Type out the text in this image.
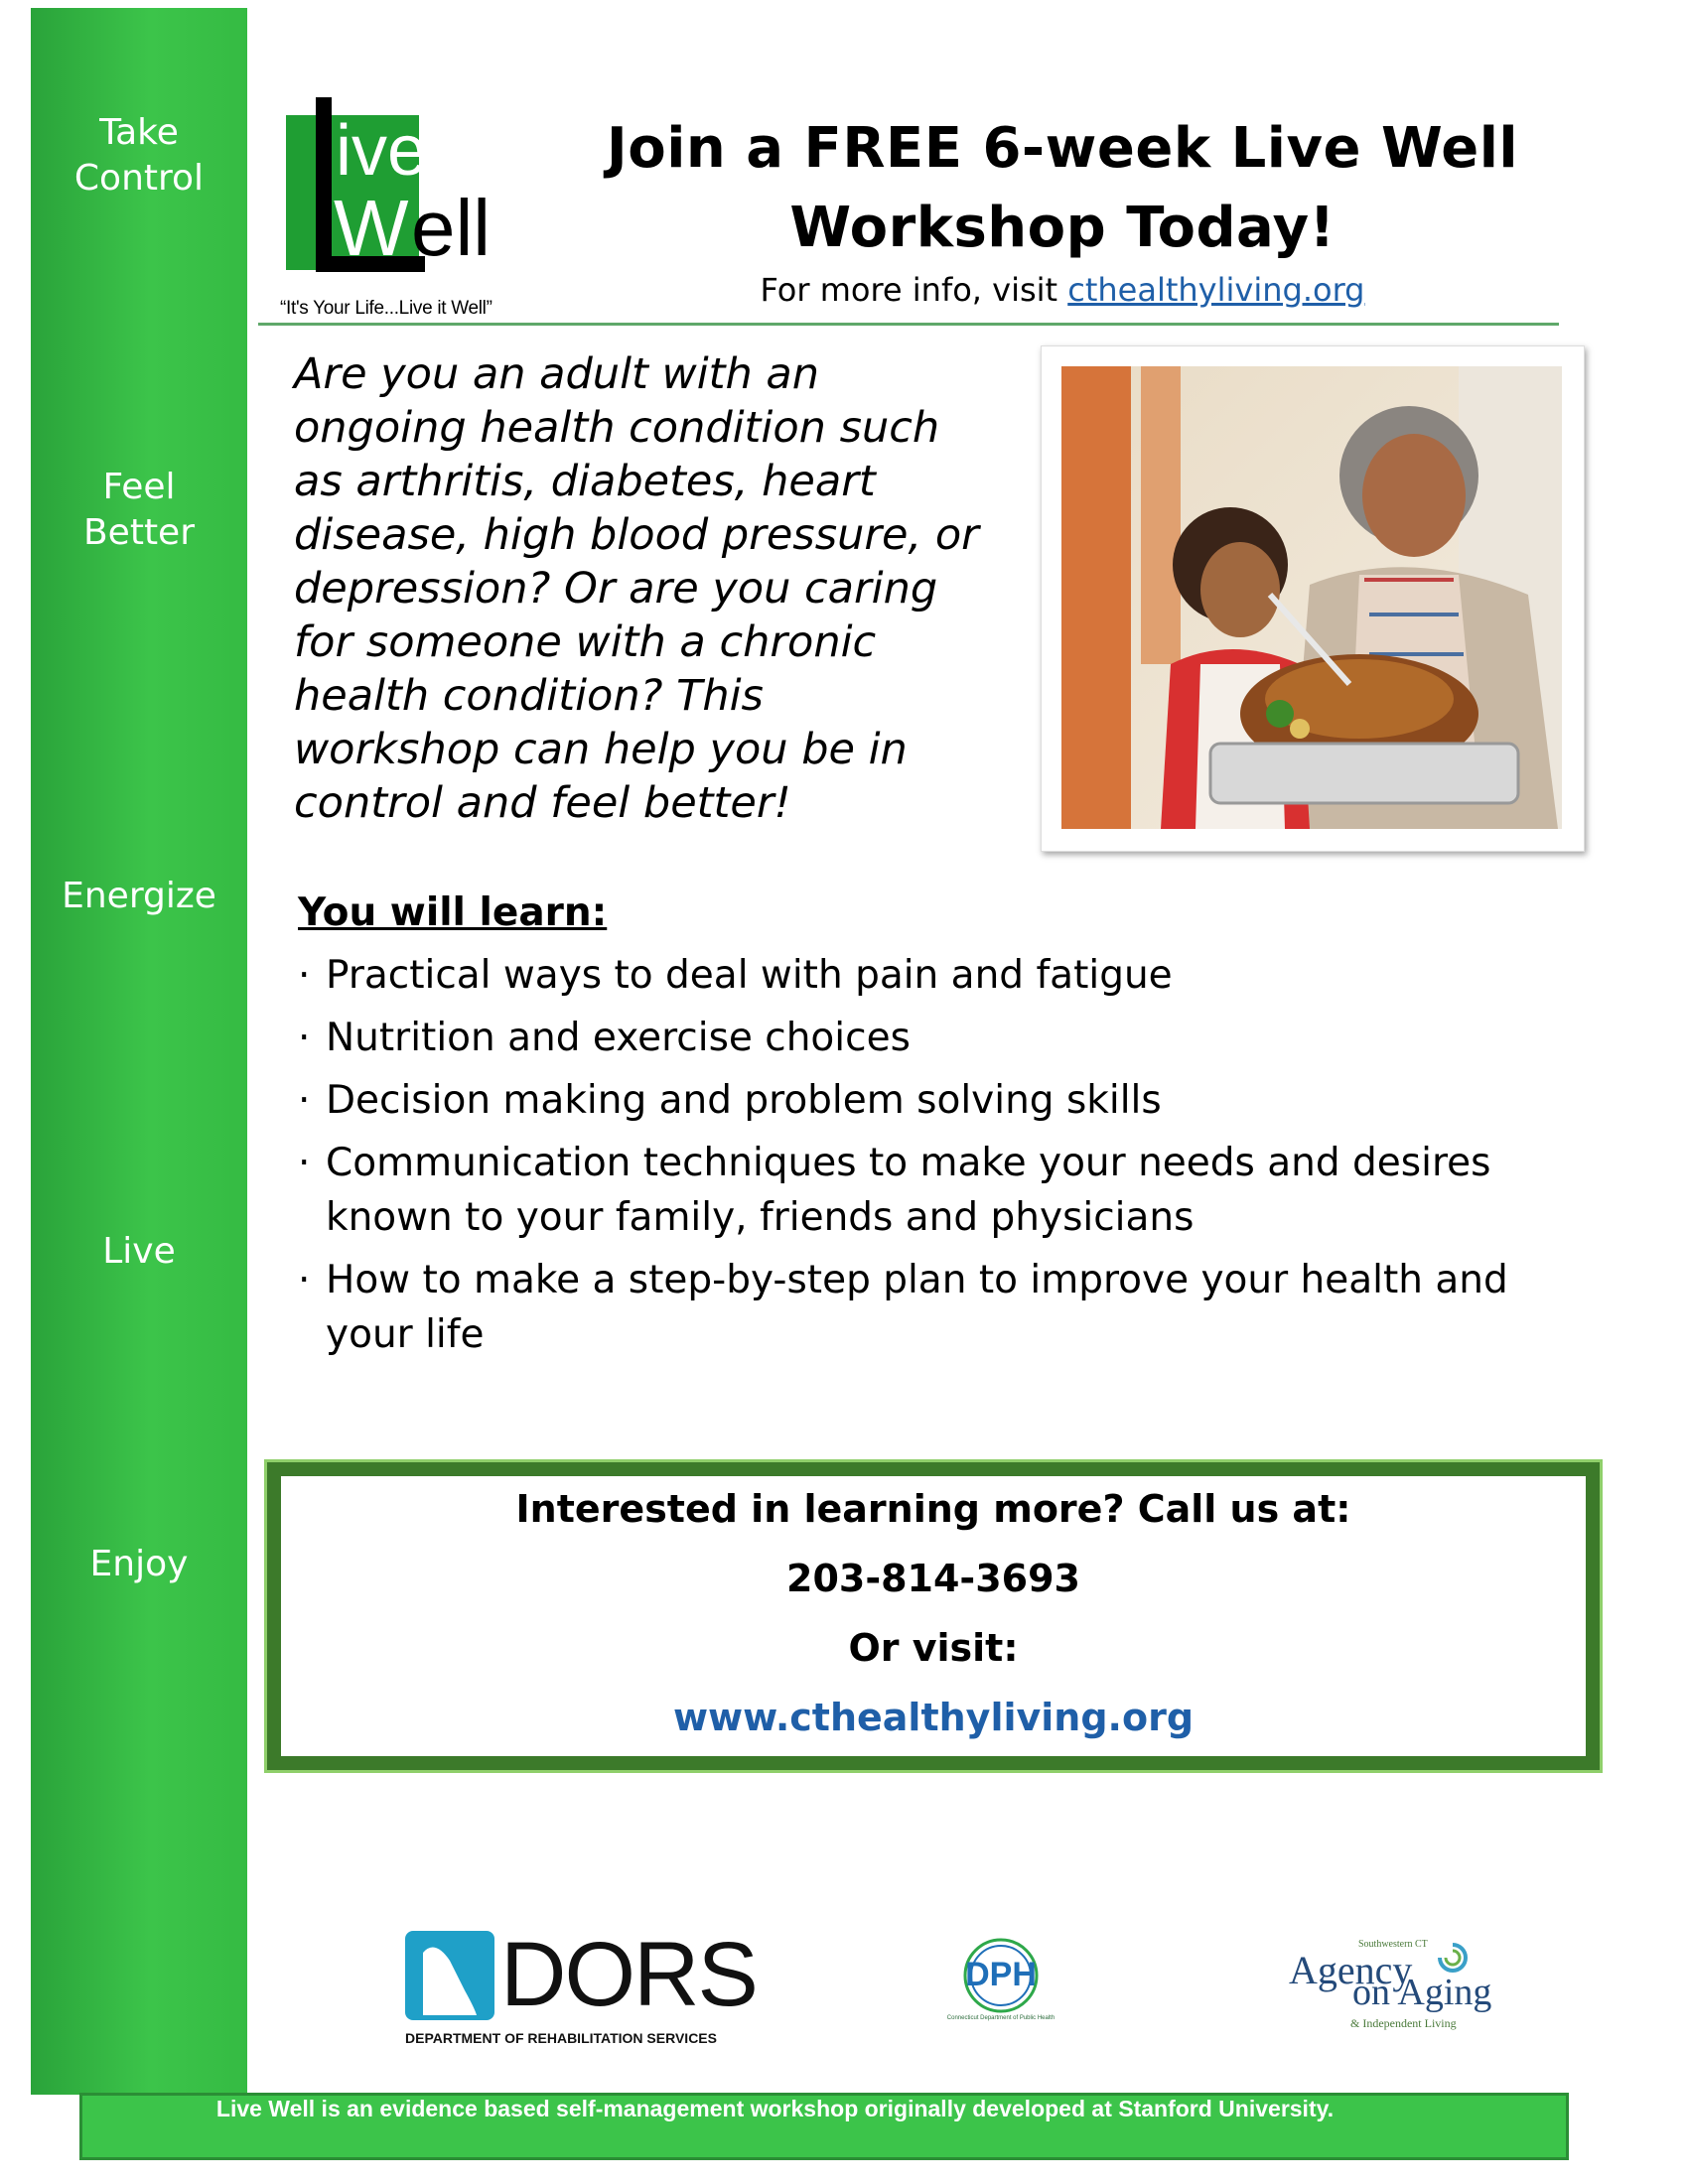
Take
Control
Feel
Better
Energize
Live
Enjoy
ive
W ell
“It's Your Life...Live it Well”
Join a FREE 6-week Live Well
Workshop Today!
For more info, visit cthealthyliving.org
Are you an adult with an
ongoing health condition such
as arthritis, diabetes, heart
disease, high blood pressure, or
depression? Or are you caring
for someone with a chronic
health condition? This
workshop can help you be in
control and feel better!
You will learn:
· Practical ways to deal with pain and fatigue
· Nutrition and exercise choices
· Decision making and problem solving skills
· Communication techniques to make your needs and desires known to your family, friends and physicians
· How to make a step-by-step plan to improve your health and your life
Interested in learning more? Call us at:
203-814-3693
Or visit:
www.cthealthyliving.org
DORS
DEPARTMENT OF REHABILITATION SERVICES
DPH
Connecticut Department of Public Health
Southwestern CT
Agency
on Aging
& Independent Living
Live Well is an evidence based self-management workshop originally developed at Stanford University.
